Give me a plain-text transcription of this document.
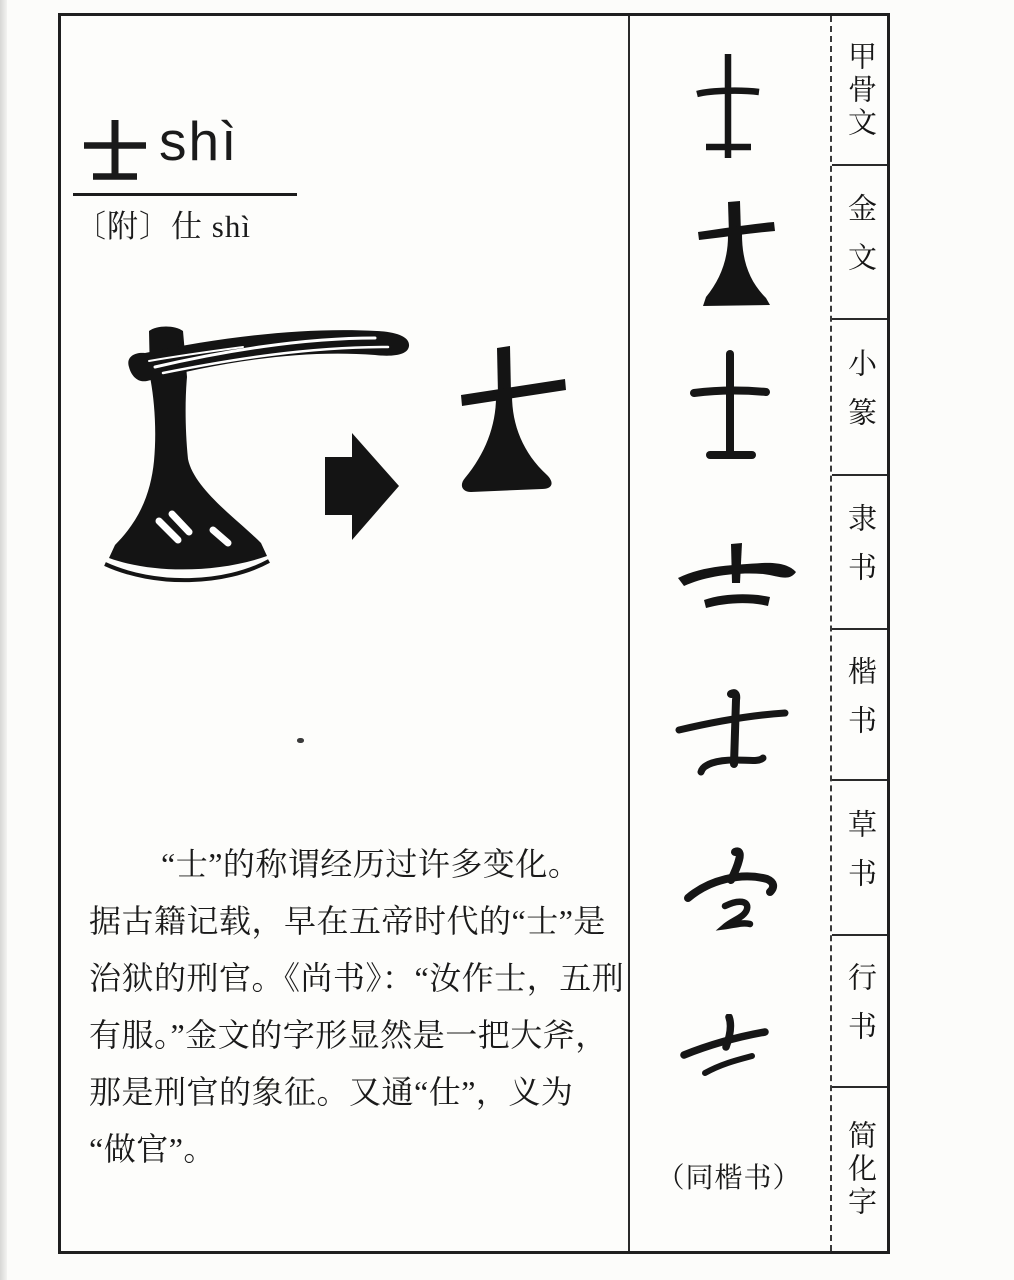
shì
〔附〕仕 shì
“士”的称谓经历过许多变化。
据古籍记载，早在五帝时代的“士”是
治狱的刑官。《尚书》：“汝作士，五刑
有服。”金文的字形显然是一把大斧，
那是刑官的象征。又通“仕”，义为
“做官”。
（同楷书）
甲骨文
金文
小篆
隶书
楷书
草书
行书
简化字
